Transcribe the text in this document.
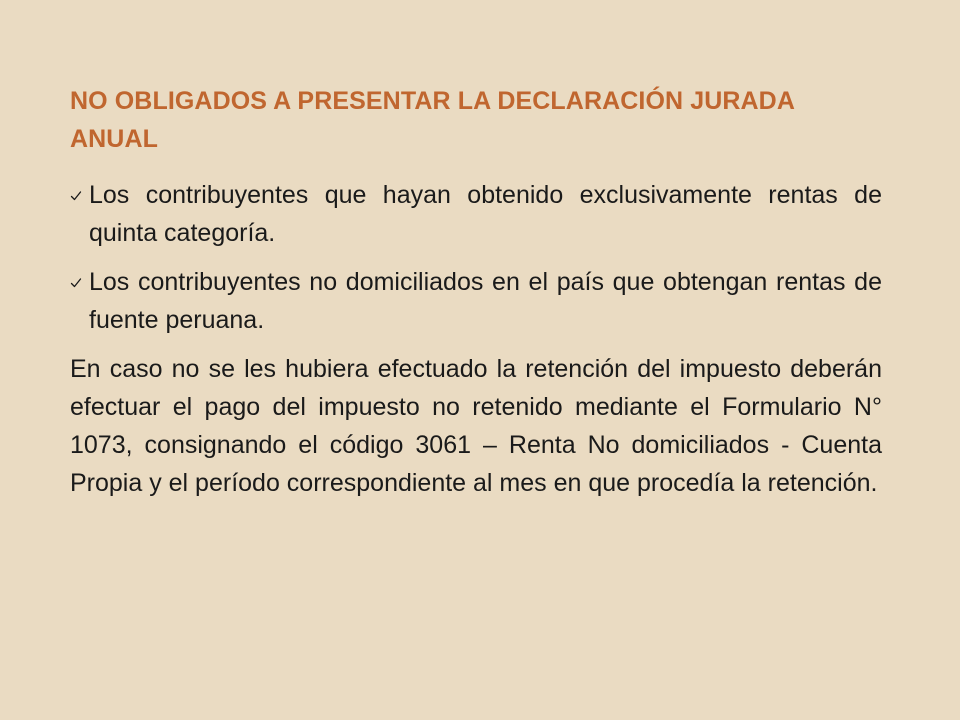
NO OBLIGADOS A PRESENTAR LA DECLARACIÓN JURADA ANUAL
Los contribuyentes que hayan obtenido exclusivamente rentas de quinta categoría.
Los contribuyentes no domiciliados en el país que obtengan rentas de fuente peruana.

En caso no se les hubiera efectuado la retención del impuesto deberán efectuar el pago del impuesto no retenido mediante el Formulario N° 1073, consignando el código 3061 – Renta No domiciliados - Cuenta Propia y el período correspondiente al mes en que procedía la retención.
